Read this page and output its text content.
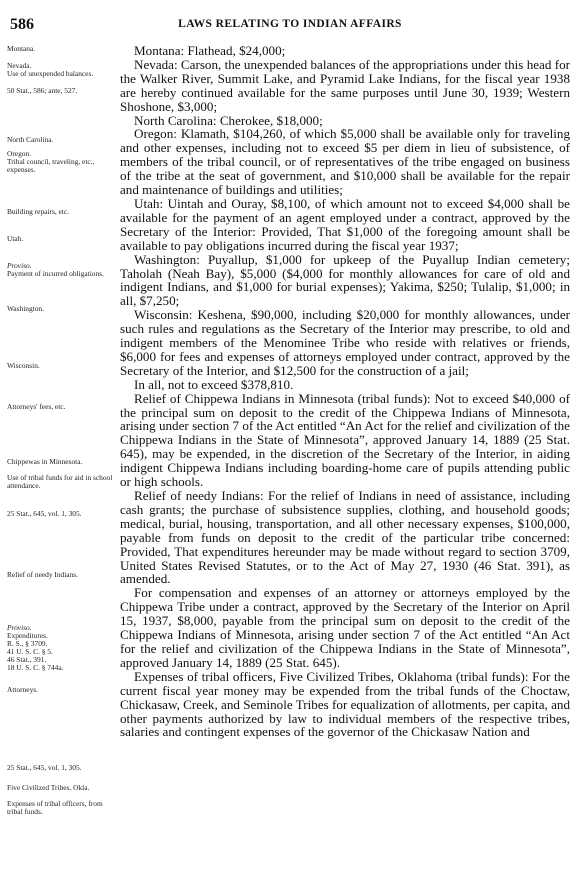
586	LAWS RELATING TO INDIAN AFFAIRS
Montana.
Nevada.
Use of unexpended balances.
50 Stat., 586; ante, 527.
North Carolina.
Oregon.
Tribal council, traveling, etc., expenses.
Building repairs, etc.
Utah.
Proviso.
Payment of incurred obligations.
Washington.
Wisconsin.
Attorneys' fees, etc.
Chippewas in Minnesota.
Use of tribal funds for aid in school attendance.
25 Stat., 645, vol. 1, 305.
Relief of needy Indians.
Proviso.
Expenditures.
R. S., § 3709.
41 U. S. C. § 5.
46 Stat., 391.
18 U. S. C. § 744a.
Attorneys.
25 Stat., 645, vol. 1, 305.
Five Civilized Tribes, Okla.
Expenses of tribal officers, from tribal funds.

Montana: Flathead, $24,000;

Nevada: Carson, the unexpended balances of the appropriations under this head for the Walker River, Summit Lake, and Pyramid Lake Indians, for the fiscal year 1938 are hereby continued available for the same purposes until June 30, 1939; Western Shoshone, $3,000;

North Carolina: Cherokee, $18,000;

Oregon: Klamath, $104,260, of which $5,000 shall be available only for traveling and other expenses, including not to exceed $5 per diem in lieu of subsistence, of members of the tribal council, or of representatives of the tribe engaged on business of the tribe at the seat of government, and $10,000 shall be available for the repair and maintenance of buildings and utilities;

Utah: Uintah and Ouray, $8,100, of which amount not to exceed $4,000 shall be available for the payment of an agent employed under a contract, approved by the Secretary of the Interior: Provided, That $1,000 of the foregoing amount shall be available to pay obligations incurred during the fiscal year 1937;

Washington: Puyallup, $1,000 for upkeep of the Puyallup Indian cemetery; Taholah (Neah Bay), $5,000 ($4,000 for monthly allowances for care of old and indigent Indians, and $1,000 for burial expenses); Yakima, $250; Tulalip, $1,000; in all, $7,250;

Wisconsin: Keshena, $90,000, including $20,000 for monthly allowances, under such rules and regulations as the Secretary of the Interior may prescribe, to old and indigent members of the Menominee Tribe who reside with relatives or friends, $6,000 for fees and expenses of attorneys employed under contract, approved by the Secretary of the Interior, and $12,500 for the construction of a jail;

In all, not to exceed $378,810.

Relief of Chippewa Indians in Minnesota (tribal funds): Not to exceed $40,000 of the principal sum on deposit to the credit of the Chippewa Indians of Minnesota, arising under section 7 of the Act entitled “An Act for the relief and civilization of the Chippewa Indians in the State of Minnesota”, approved January 14, 1889 (25 Stat. 645), may be expended, in the discretion of the Secretary of the Interior, in aiding indigent Chippewa Indians including boarding-home care of pupils attending public or high schools.

Relief of needy Indians: For the relief of Indians in need of assistance, including cash grants; the purchase of subsistence supplies, clothing, and household goods; medical, burial, housing, transportation, and all other necessary expenses, $100,000, payable from funds on deposit to the credit of the particular tribe concerned: Provided, That expenditures hereunder may be made without regard to section 3709, United States Revised Statutes, or to the Act of May 27, 1930 (46 Stat. 391), as amended.

For compensation and expenses of an attorney or attorneys employed by the Chippewa Tribe under a contract, approved by the Secretary of the Interior on April 15, 1937, $8,000, payable from the principal sum on deposit to the credit of the Chippewa Indians of Minnesota, arising under section 7 of the Act entitled “An Act for the relief and civilization of the Chippewa Indians in the State of Minnesota”, approved January 14, 1889 (25 Stat. 645).

Expenses of tribal officers, Five Civilized Tribes, Oklahoma (tribal funds): For the current fiscal year money may be expended from the tribal funds of the Choctaw, Chickasaw, Creek, and Seminole Tribes for equalization of allotments, per capita, and other payments authorized by law to individual members of the respective tribes, salaries and contingent expenses of the governor of the Chickasaw Nation and
